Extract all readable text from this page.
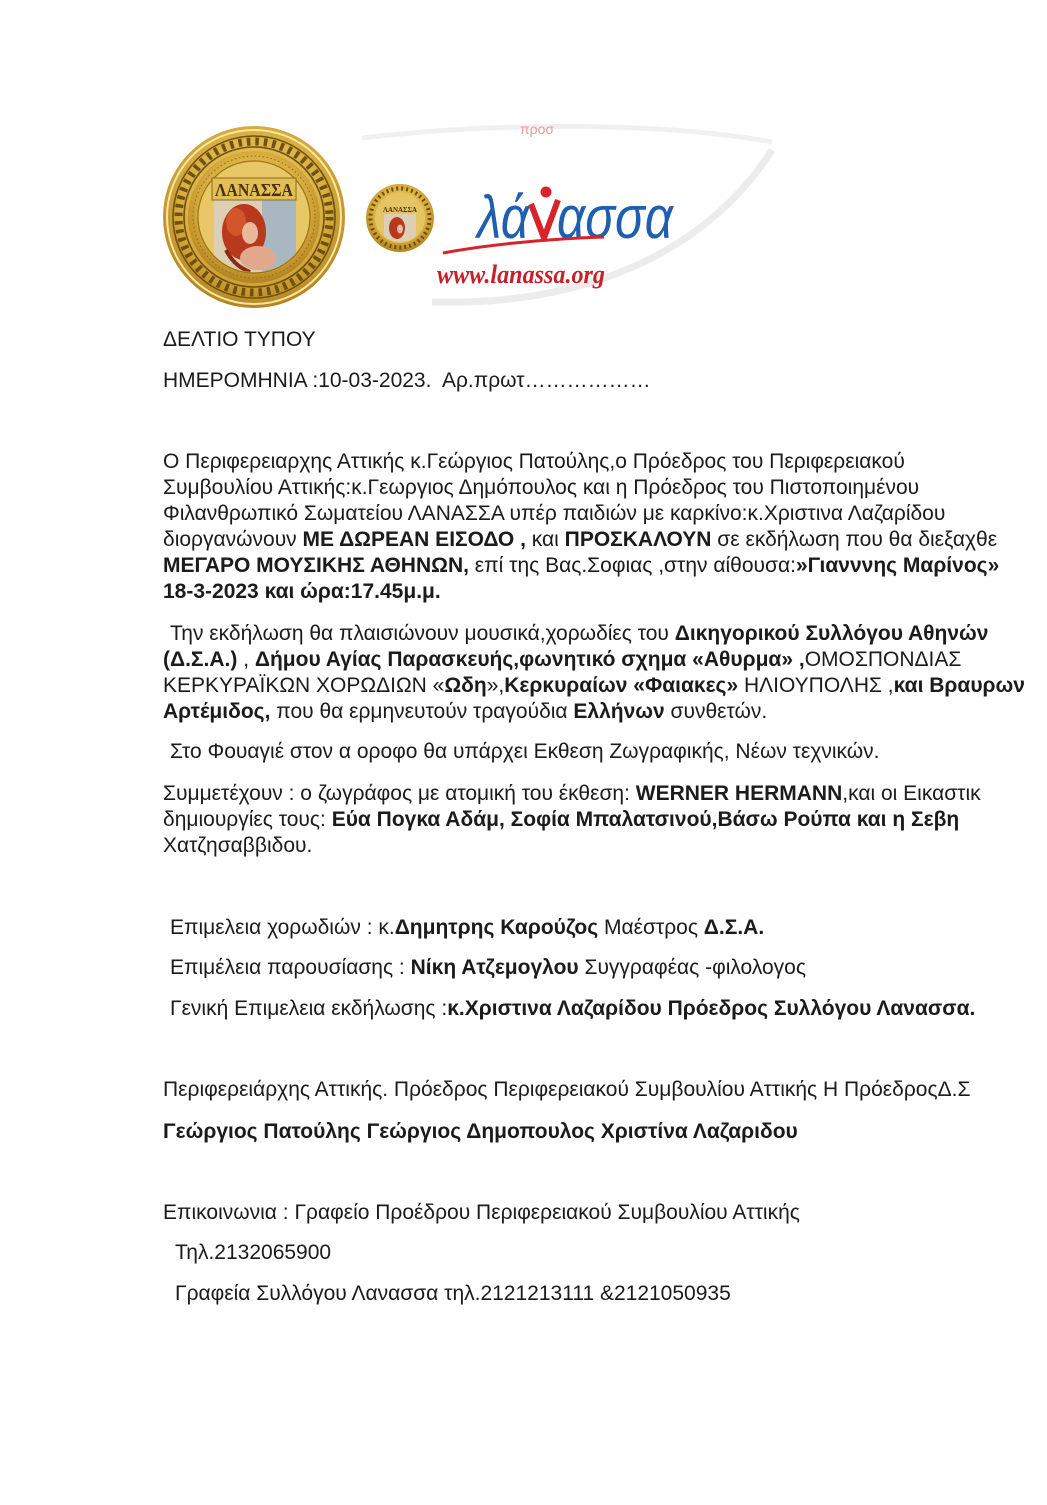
ΛΑΝΑΣΣΑ
προσ
ΛΑΝΑΣΣΑ λά ασσα
www.lanassa.org
ΔΕΛΤΙΟ ΤΥΠΟΥ
ΗΜΕΡΟΜΗΝΙΑ :10-03-2023.  Αρ.πρωτ………………
Ο Περιφερειαρχης Αττικής κ.Γεώργιος Πατούλης,ο Πρόεδρος του Περιφερειακού
Συμβουλίου Αττικής:κ.Γεωργιος Δημόπουλος και η Πρόεδρος του Πιστοποιημένου
Φιλανθρωπικό Σωματείου ΛΑΝΑΣΣΑ υπέρ παιδιών με καρκίνο:κ.Χριστινα Λαζαρίδου
διοργανώνουν ΜΕ ΔΩΡΕΑΝ ΕΙΣΟΔΟ , και ΠΡΟΣΚΑΛΟΥΝ σε εκδήλωση που θα διεξαχθε
ΜΕΓΑΡΟ ΜΟΥΣΙΚΗΣ ΑΘΗΝΩΝ, επί της Βας.Σοφιας ,στην αίθουσα:»Γιανννης Μαρίνος»
18-3-2023 και ώρα:17.45μ.μ.
Την εκδήλωση θα πλαισιώνουν μουσικά,χορωδίες του Δικηγορικού Συλλόγου Αθηνών
(Δ.Σ.Α.) , Δήμου Αγίας Παρασκευής,φωνητικό σχημα «Αθυρμα» ,ΟΜΟΣΠΟΝΔΙΑΣ
ΚΕΡΚΥΡΑΪΚΩΝ ΧΟΡΩΔΙΩΝ «Ωδη»,Κερκυραίων «Φαιακες» ΗΛΙΟΥΠΟΛΗΣ ,και Βραυρων
Αρτέμιδος, που θα ερμηνευτούν τραγούδια Ελλήνων συνθετών.
Στο Φουαγιέ στον α οροφο θα υπάρχει Εκθεση Ζωγραφικής, Νέων τεχνικών.
Συμμετέχουν : ο ζωγράφος με ατομική του έκθεση: WERNER HERMANN,και οι Εικαστικ
δημιουργίες τους: Εύα Πογκα Αδάμ, Σοφία Μπαλατσινού,Βάσω Ρούπα και η Σεβη
Χατζησαββιδου.
Επιμελεια χορωδιών : κ.Δημητρης Καρούζος Μαέστρος Δ.Σ.Α.
Επιμέλεια παρουσίασης : Νίκη Ατζεμογλου Συγγραφέας -φιλολογος
Γενική Επιμελεια εκδήλωσης :κ.Χριστινα Λαζαρίδου Πρόεδρος Συλλόγου Λανασσα.
Περιφερειάρχης Αττικής. Πρόεδρος Περιφερειακού Συμβουλίου Αττικής Η ΠρόεδροςΔ.Σ
Γεώργιος Πατούλης Γεώργιος Δημοπουλος Χριστίνα Λαζαριδου
Επικοινωνια : Γραφείο Προέδρου Περιφερειακού Συμβουλίου Αττικής
Τηλ.2132065900
Γραφεία Συλλόγου Λανασσα τηλ.2121213111 &2121050935
